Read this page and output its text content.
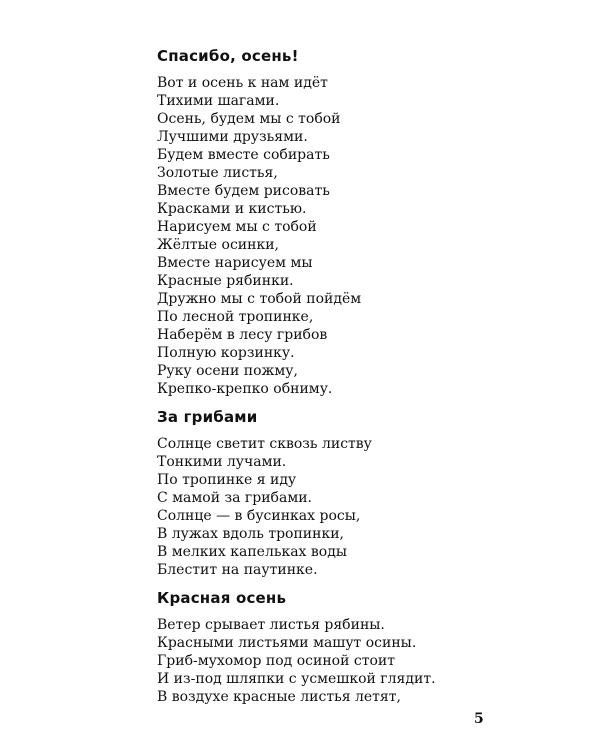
Спасибо, осень!
Вот и осень к нам идёт
Тихими шагами.
Осень, будем мы с тобой
Лучшими друзьями.
Будем вместе собирать
Золотые листья,
Вместе будем рисовать
Красками и кистью.
Нарисуем мы с тобой
Жёлтые осинки,
Вместе нарисуем мы
Красные рябинки.
Дружно мы с тобой пойдём
По лесной тропинке,
Наберём в лесу грибов
Полную корзинку.
Руку осени пожму,
Крепко-крепко обниму.
За грибами
Солнце светит сквозь листву
Тонкими лучами.
По тропинке я иду
С мамой за грибами.
Солнце — в бусинках росы,
В лужах вдоль тропинки,
В мелких капельках воды
Блестит на паутинке.
Красная осень
Ветер срывает листья рябины.
Красными листьями машут осины.
Гриб-мухомор под осиной стоит
И из-под шляпки с усмешкой глядит.
В воздухе красные листья летят,
5
